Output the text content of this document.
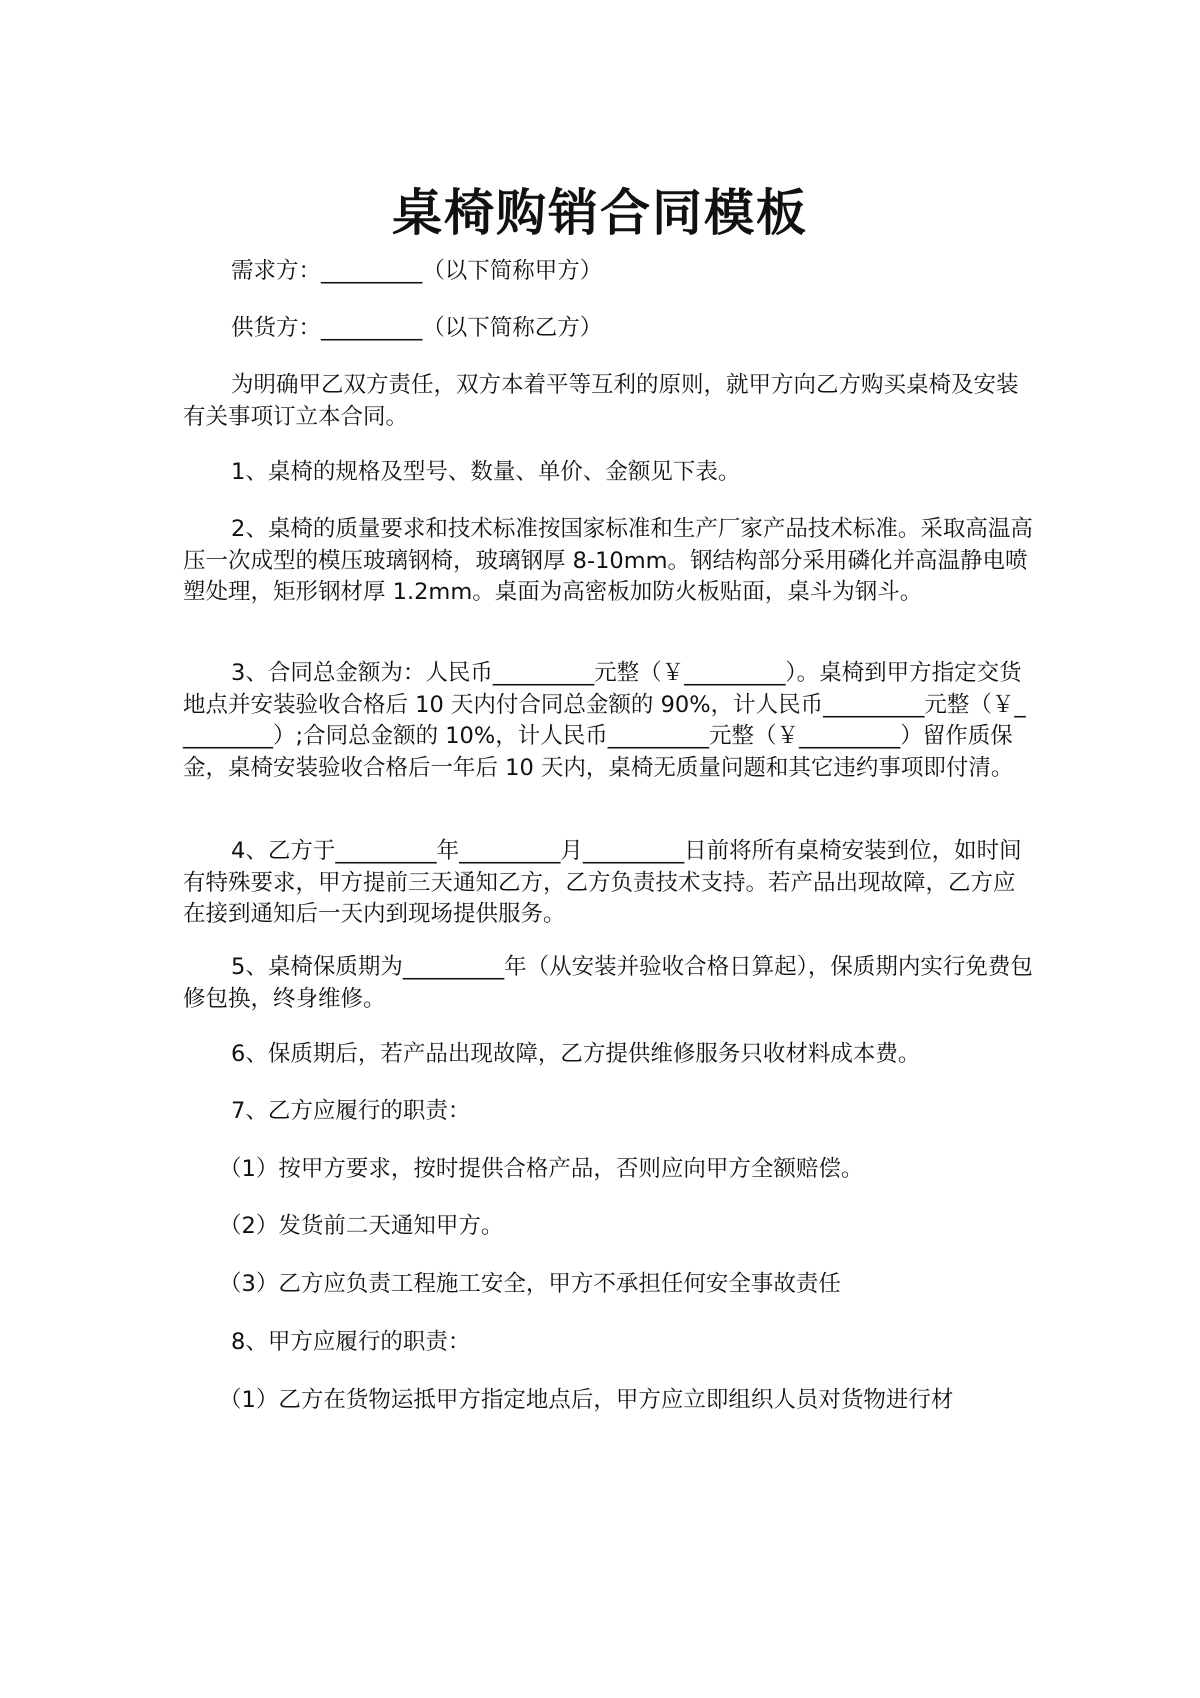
桌椅购销合同模板

需求方：_________（以下简称甲方）

供货方：_________（以下简称乙方）

为明确甲乙双方责任，双方本着平等互利的原则，就甲方向乙方购买桌椅及安装有关事项订立本合同。

1、桌椅的规格及型号、数量、单价、金额见下表。

2、桌椅的质量要求和技术标准按国家标准和生产厂家产品技术标准。采取高温高压一次成型的模压玻璃钢椅，玻璃钢厚 8-10mm。钢结构部分采用磷化并高温静电喷塑处理，矩形钢材厚 1.2mm。桌面为高密板加防火板贴面，桌斗为钢斗。

3、合同总金额为：人民币_________元整（￥_________）。桌椅到甲方指定交货地点并安装验收合格后 10 天内付合同总金额的 90%，计人民币_________元整（￥_________）;合同总金额的 10%，计人民币_________元整（￥_________）留作质保金，桌椅安装验收合格后一年后 10 天内，桌椅无质量问题和其它违约事项即付清。

4、乙方于_________年_________月_________日前将所有桌椅安装到位，如时间有特殊要求，甲方提前三天通知乙方，乙方负责技术支持。若产品出现故障，乙方应在接到通知后一天内到现场提供服务。

5、桌椅保质期为_________年（从安装并验收合格日算起），保质期内实行免费包修包换，终身维修。

6、保质期后，若产品出现故障，乙方提供维修服务只收材料成本费。

7、乙方应履行的职责：

（1）按甲方要求，按时提供合格产品，否则应向甲方全额赔偿。

（2）发货前二天通知甲方。

（3）乙方应负责工程施工安全，甲方不承担任何安全事故责任

8、甲方应履行的职责：

（1）乙方在货物运抵甲方指定地点后，甲方应立即组织人员对货物进行材
